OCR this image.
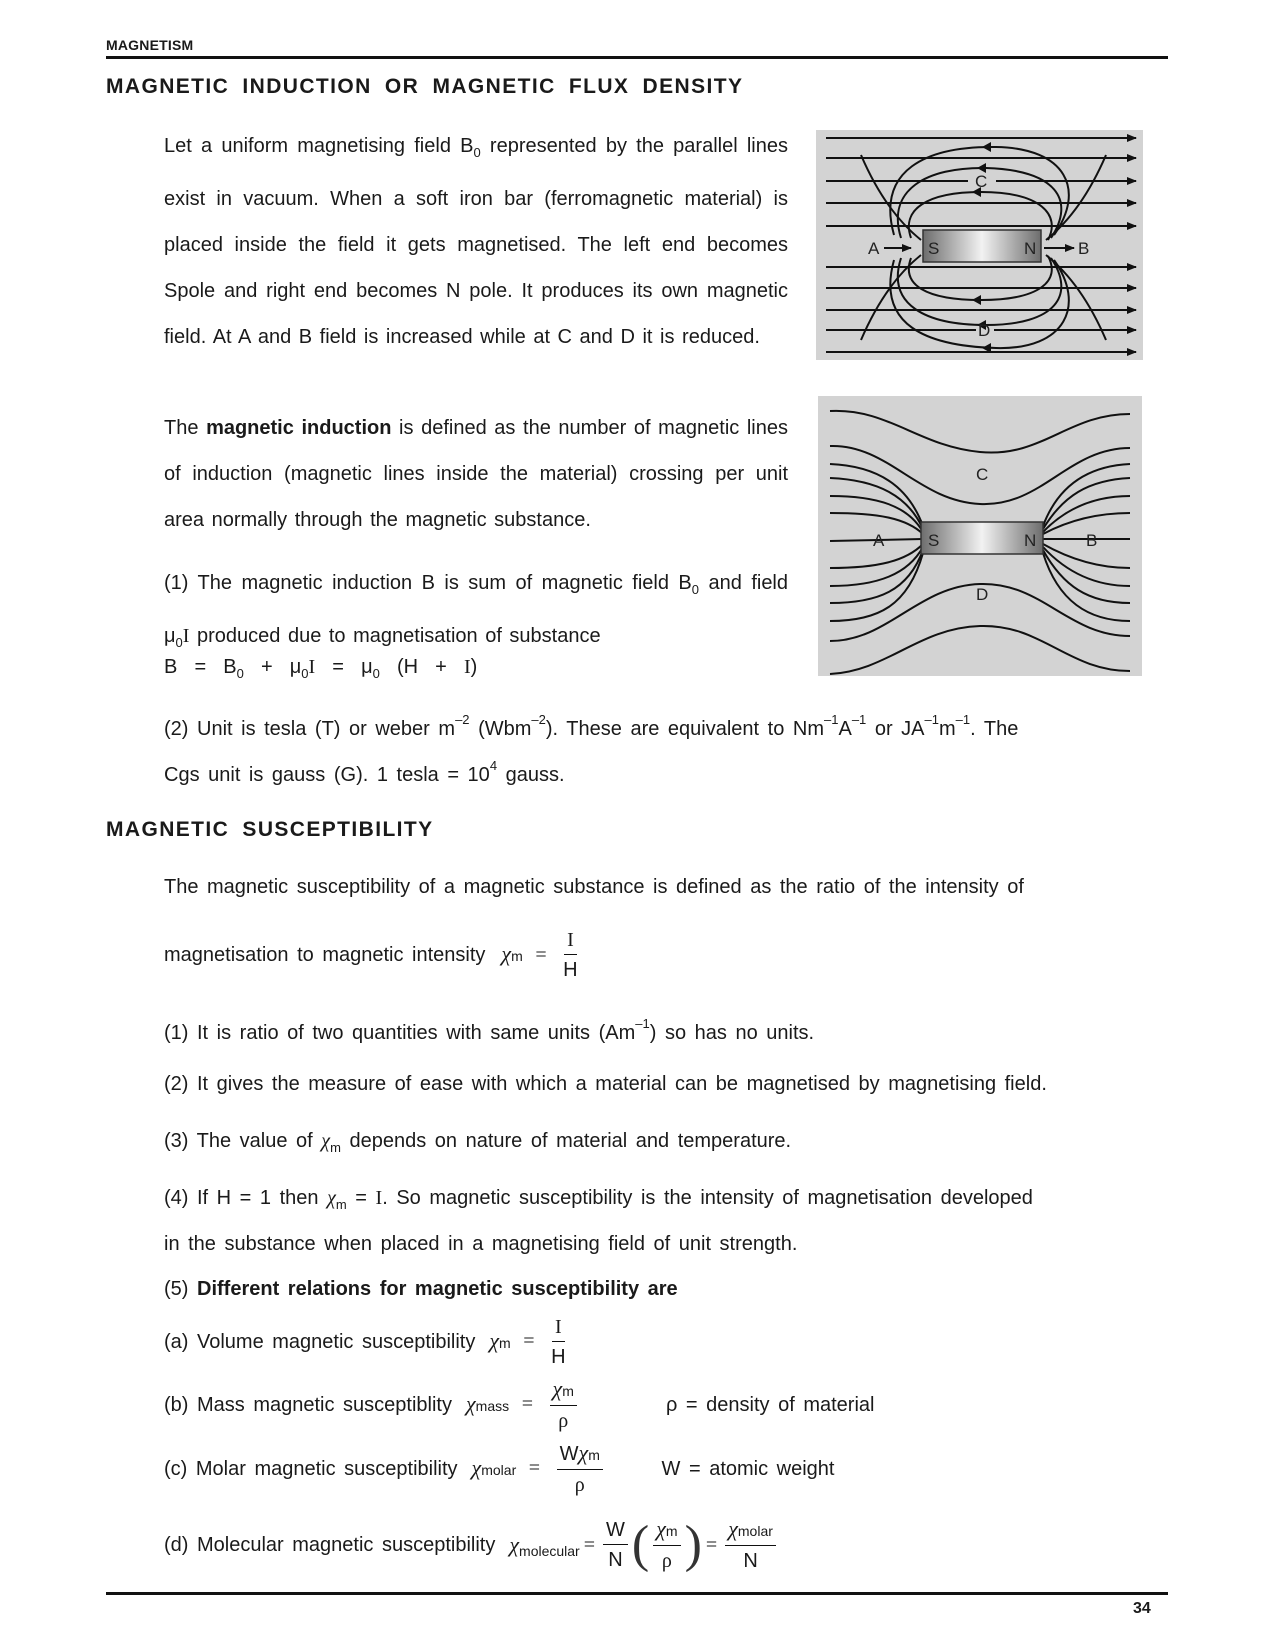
MAGNETISM
MAGNETIC INDUCTION OR MAGNETIC FLUX DENSITY
Let a uniform magnetising field $B_0$ represented by the parallel lines exist in vacuum. When a soft iron bar (ferromagnetic material) is placed inside the field it gets magnetised. The left end becomes Spole and right end becomes N pole. It produces its own magnetic field. At A and B field is increased while at C and D it is reduced.
S	N
A	B
C
D
The magnetic induction is defined as the number of magnetic lines of induction (magnetic lines inside the material) crossing per unit area normally through the magnetic substance.
S	N
A	B
C
D
(1) The magnetic induction B is sum of magnetic field $B_0$ and field $\mu_0I$ produced due to magnetisation of substance
$B = B_0 + \mu_0I = \mu_0$  (H  +  I)
(2) Unit is tesla (T) or weber $m^{-2}$ (Wbm$^{-2}$). These are equivalent to $Nm^{-1}A^{-1}$ or $JA^{-1}m^{-1}$. The
Cgs unit is gauss (G). 1 tesla = $10^4$ gauss.
MAGNETIC SUSCEPTIBILITY
The magnetic susceptibility of a magnetic substance is defined as the ratio of the intensity of
magnetisation to magnetic intensity $\chi m = \frac{I}{H}$
(1) It is ratio of two quantities with same units $(Am^{-1})$ so has no units.
(2) It gives the measure of ease with which a material can be magnetised by magnetising field.
(3) The value of $\chi_m$ depends on nature of material and temperature.
(4) If H = 1 then $\chi_m = I$. So magnetic susceptibility is the intensity of magnetisation developed
in the substance when placed in a magnetising field of unit strength.
(5) Different relations for magnetic susceptibility are
(a) Volume magnetic susceptibility $\chi m = \frac{I}{H}$
(b) Mass magnetic susceptiblity χmass = $\frac{\chi m}{\rho}$	ρ = density of material
(c) Molar magnetic susceptibility χmolar = $\frac{\text{Wχm}}{\rho}$	W = atomic weight
(d) Molecular magnetic susceptibility χ molecular = $\frac{W}{N}$ ( $\frac{\chi m}{\rho}$ ) = $\frac{\text{χmolar}}{N}$
34
